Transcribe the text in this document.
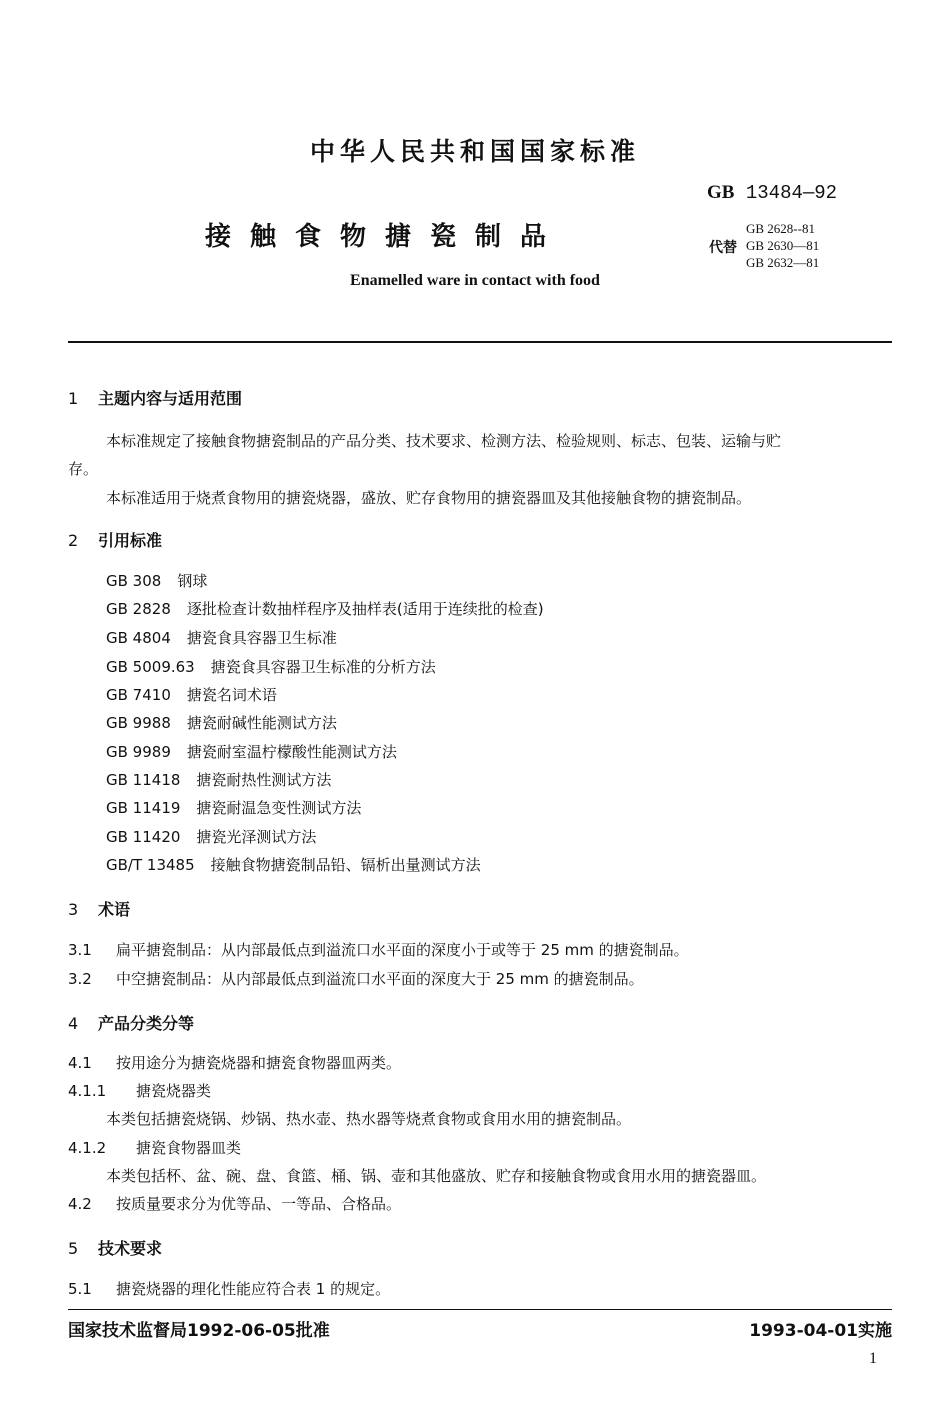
中华人民共和国国家标准
GB 13484—92
接触食物搪瓷制品	代替
GB 2628--81
GB 2630—81
GB 2632—81
Enamelled ware in contact with food
1 主题内容与适用范围
本标准规定了接触食物搪瓷制品的产品分类、技术要求、检测方法、检验规则、标志、包装、运输与贮
存。
本标准适用于烧煮食物用的搪瓷烧器，盛放、贮存食物用的搪瓷器皿及其他接触食物的搪瓷制品。
2 引用标准
GB 308 钢球
GB 2828 逐批检查计数抽样程序及抽样表(适用于连续批的检查)
GB 4804 搪瓷食具容器卫生标准
GB 5009.63 搪瓷食具容器卫生标准的分析方法
GB 7410 搪瓷名词术语
GB 9988 搪瓷耐碱性能测试方法
GB 9989 搪瓷耐室温柠檬酸性能测试方法
GB 11418 搪瓷耐热性测试方法
GB 11419 搪瓷耐温急变性测试方法
GB 11420 搪瓷光泽测试方法
GB/T 13485 接触食物搪瓷制品铅、镉析出量测试方法
3 术语
3.1 扁平搪瓷制品：从内部最低点到溢流口水平面的深度小于或等于 25 mm 的搪瓷制品。
3.2 中空搪瓷制品：从内部最低点到溢流口水平面的深度大于 25 mm 的搪瓷制品。
4 产品分类分等
4.1 按用途分为搪瓷烧器和搪瓷食物器皿两类。
4.1.1 搪瓷烧器类
本类包括搪瓷烧锅、炒锅、热水壶、热水器等烧煮食物或食用水用的搪瓷制品。
4.1.2 搪瓷食物器皿类
本类包括杯、盆、碗、盘、食篮、桶、锅、壶和其他盛放、贮存和接触食物或食用水用的搪瓷器皿。
4.2 按质量要求分为优等品、一等品、合格品。
5 技术要求
5.1 搪瓷烧器的理化性能应符合表 1 的规定。
国家技术监督局1992-06-05批准	1993-04-01实施
1
